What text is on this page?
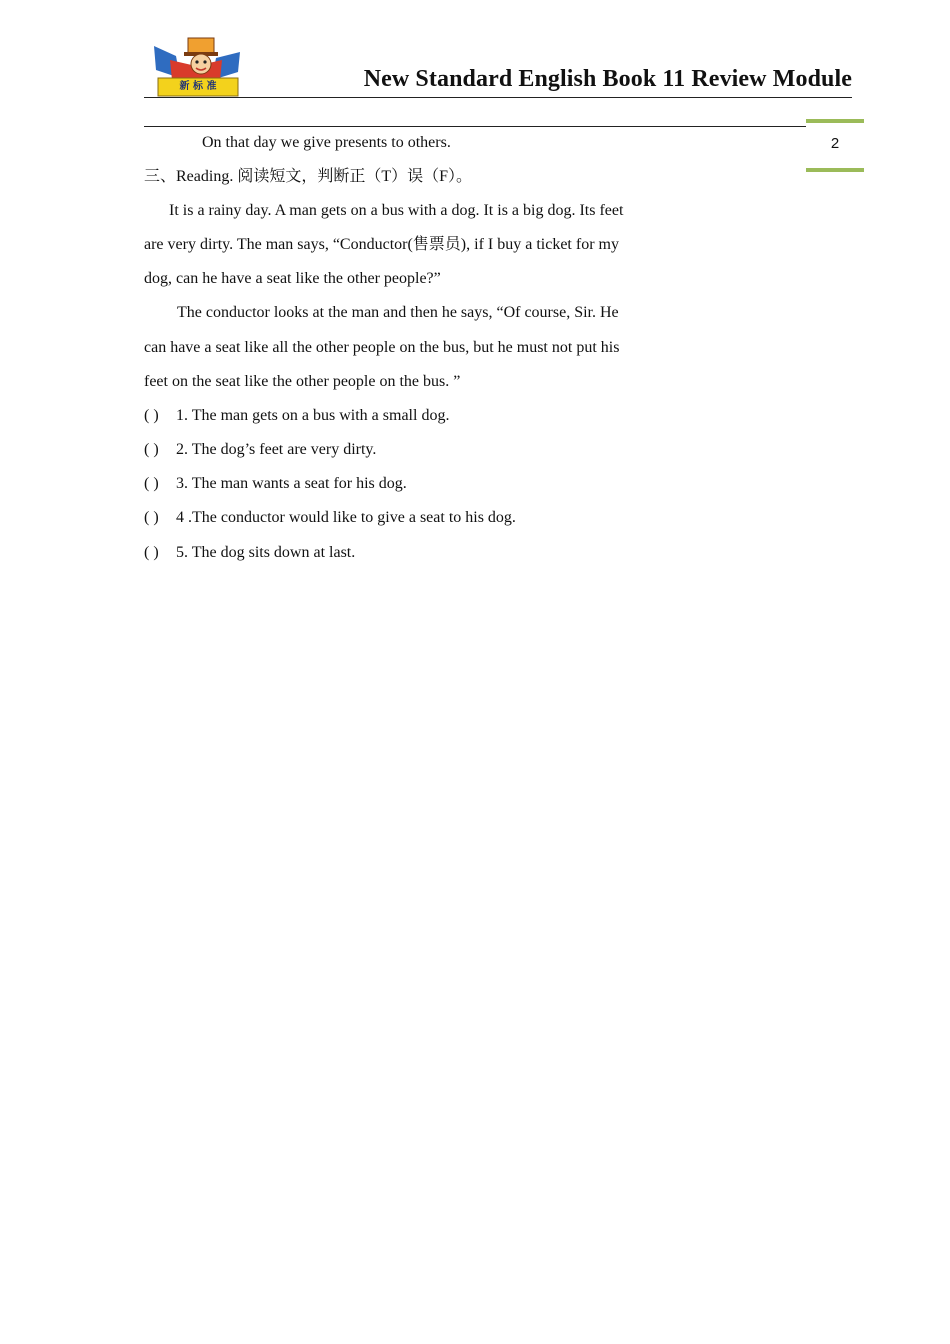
新 标 准	New Standard English Book 11 Review Module
2
On that day we give presents to others.
三、Reading. 阅读短文，判断正（T）误（F）。
It is a rainy day. A man gets on a bus with a dog. It is a big dog. Its feet
are very dirty. The man says, “Conductor(售票员), if I buy a ticket for my
dog, can he have a seat like the other people?”
The conductor looks at the man and then he says, “Of course, Sir. He
can have a seat like all the other people on the bus, but he must not put his
feet on the seat like the other people on the bus. ”
( ) 1. The man gets on a bus with a small dog.
( ) 2. The dog’s feet are very dirty.
( ) 3. The man wants a seat for his dog.
( ) 4 .The conductor would like to give a seat to his dog.
( ) 5. The dog sits down at last.
